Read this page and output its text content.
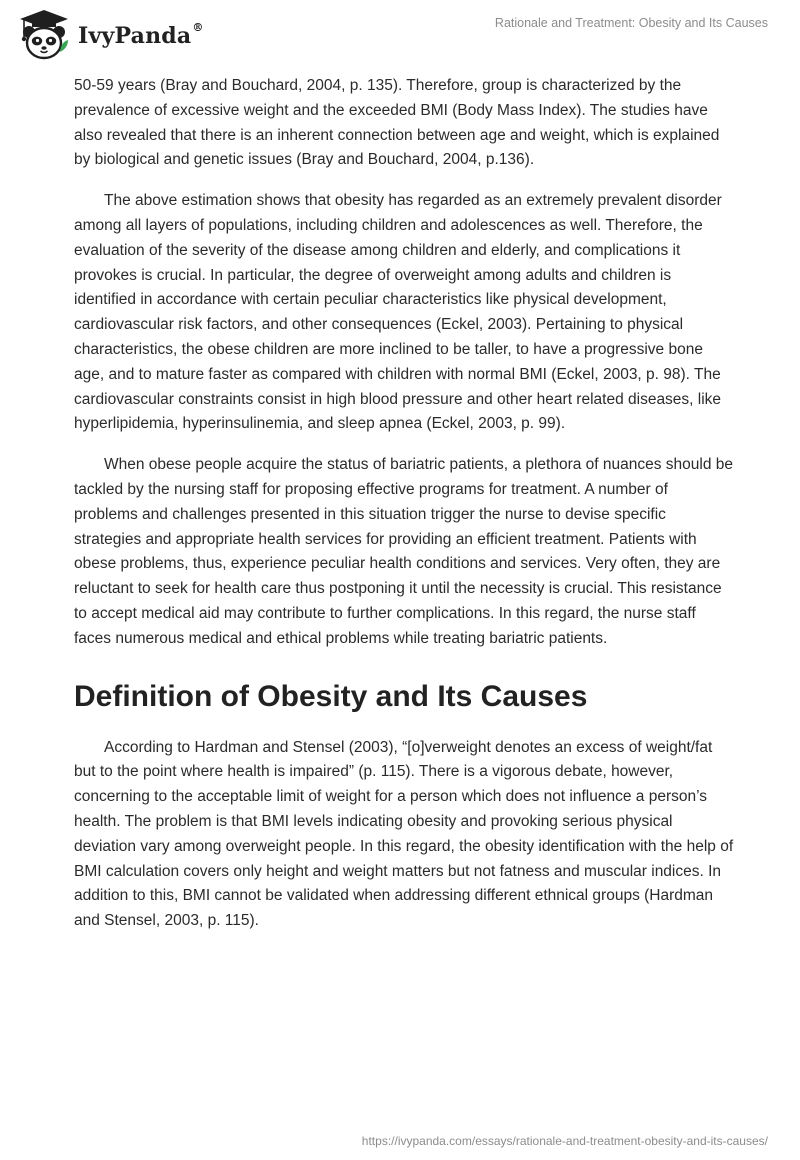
IvyPanda®	Rationale and Treatment: Obesity and Its Causes

50-59 years (Bray and Bouchard, 2004, p. 135). Therefore, group is characterized by the prevalence of excessive weight and the exceeded BMI (Body Mass Index). The studies have also revealed that there is an inherent connection between age and weight, which is explained by biological and genetic issues (Bray and Bouchard, 2004, p.136).

The above estimation shows that obesity has regarded as an extremely prevalent disorder among all layers of populations, including children and adolescences as well. Therefore, the evaluation of the severity of the disease among children and elderly, and complications it provokes is crucial. In particular, the degree of overweight among adults and children is identified in accordance with certain peculiar characteristics like physical development, cardiovascular risk factors, and other consequences (Eckel, 2003). Pertaining to physical characteristics, the obese children are more inclined to be taller, to have a progressive bone age, and to mature faster as compared with children with normal BMI (Eckel, 2003, p. 98). The cardiovascular constraints consist in high blood pressure and other heart related diseases, like hyperlipidemia, hyperinsulinemia, and sleep apnea (Eckel, 2003, p. 99).

When obese people acquire the status of bariatric patients, a plethora of nuances should be tackled by the nursing staff for proposing effective programs for treatment. A number of problems and challenges presented in this situation trigger the nurse to devise specific strategies and appropriate health services for providing an efficient treatment. Patients with obese problems, thus, experience peculiar health conditions and services. Very often, they are reluctant to seek for health care thus postponing it until the necessity is crucial. This resistance to accept medical aid may contribute to further complications. In this regard, the nurse staff faces numerous medical and ethical problems while treating bariatric patients.

Definition of Obesity and Its Causes

According to Hardman and Stensel (2003), “[o]verweight denotes an excess of weight/fat but to the point where health is impaired” (p. 115). There is a vigorous debate, however, concerning to the acceptable limit of weight for a person which does not influence a person’s health. The problem is that BMI levels indicating obesity and provoking serious physical deviation vary among overweight people. In this regard, the obesity identification with the help of BMI calculation covers only height and weight matters but not fatness and muscular indices. In addition to this, BMI cannot be validated when addressing different ethnical groups (Hardman and Stensel, 2003, p. 115).

https://ivypanda.com/essays/rationale-and-treatment-obesity-and-its-causes/
